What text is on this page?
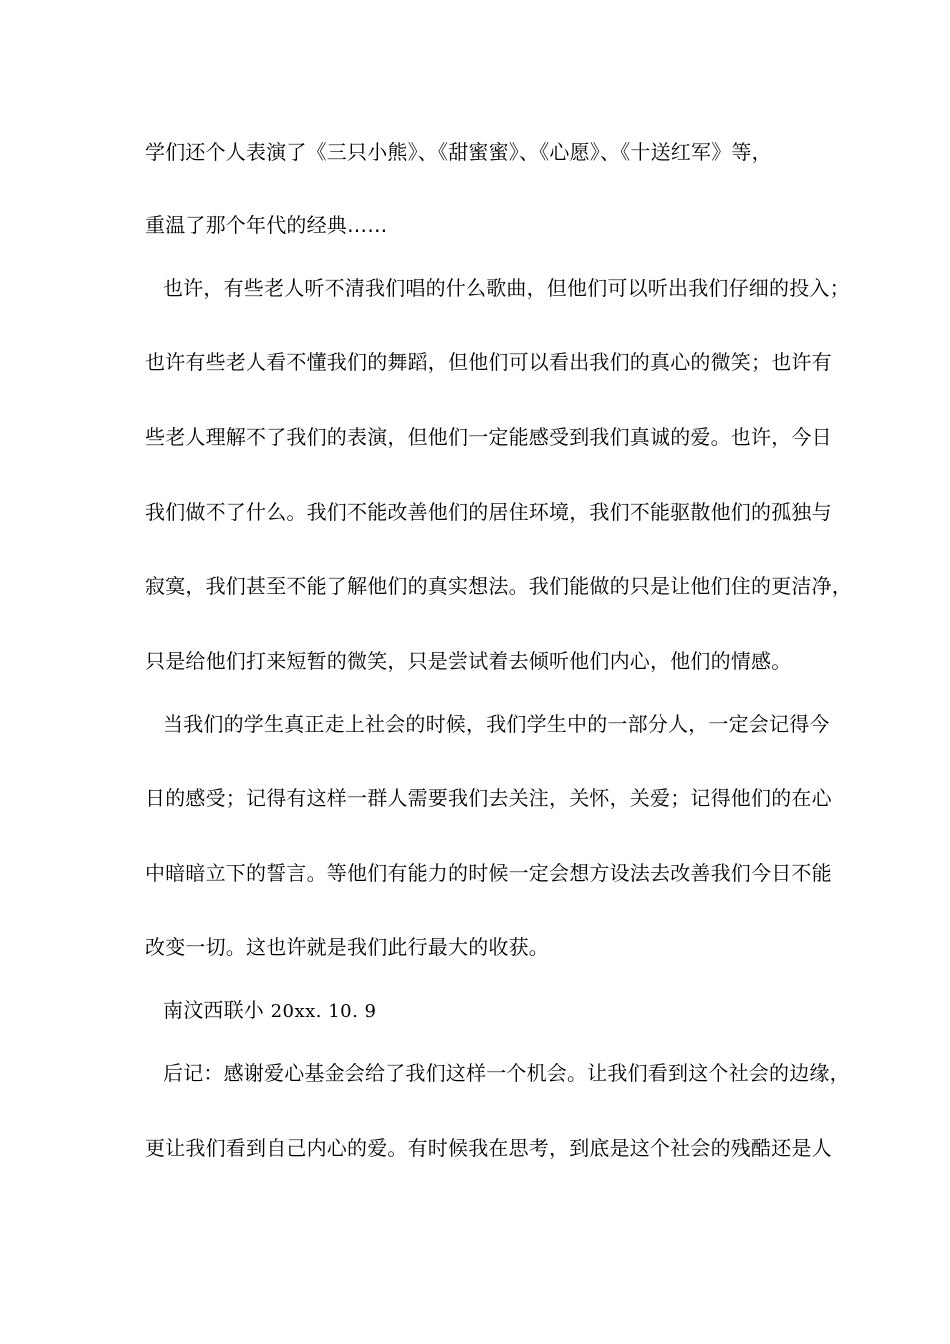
学们还个人表演了《三只小熊》、《甜蜜蜜》、《心愿》、《十送红军》等，
重温了那个年代的经典……
也许，有些老人听不清我们唱的什么歌曲，但他们可以听出我们仔细的投入；
也许有些老人看不懂我们的舞蹈，但他们可以看出我们的真心的微笑；也许有
些老人理解不了我们的表演，但他们一定能感受到我们真诚的爱。也许，今日
我们做不了什么。我们不能改善他们的居住环境，我们不能驱散他们的孤独与
寂寞，我们甚至不能了解他们的真实想法。我们能做的只是让他们住的更洁净，
只是给他们打来短暂的微笑，只是尝试着去倾听他们内心，他们的情感。
当我们的学生真正走上社会的时候，我们学生中的一部分人，一定会记得今
日的感受；记得有这样一群人需要我们去关注，关怀，关爱；记得他们的在心
中暗暗立下的誓言。等他们有能力的时候一定会想方设法去改善我们今日不能
改变一切。这也许就是我们此行最大的收获。
南汶西联小 20xx. 10. 9
后记：感谢爱心基金会给了我们这样一个机会。让我们看到这个社会的边缘，
更让我们看到自己内心的爱。有时候我在思考，到底是这个社会的残酷还是人
